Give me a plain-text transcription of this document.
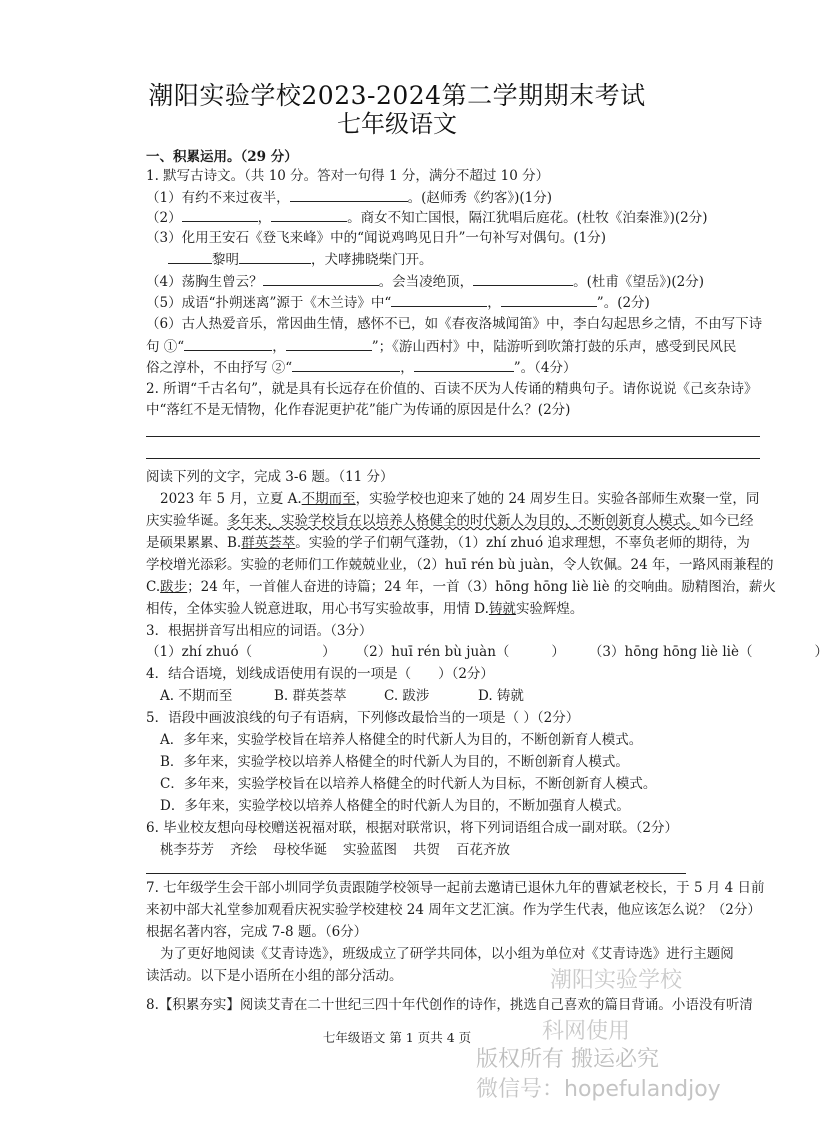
潮阳实验学校2023-2024第二学期期末考试
七年级语文
一、积累运用。（29 分）
1. 默写古诗文。（共 10 分。答对一句得 1 分，满分不超过 10 分）
（1）有约不来过夜半，	。(赵师秀《约客》)(1分)
（2）	，	。商女不知亡国恨，隔江犹唱后庭花。(杜牧《泊秦淮》)(2分)
（3）化用王安石《登飞来峰》中的“闻说鸡鸣见日升”一句补写对偶句。(1分)
黎明	，犬哮拂晓柴门开。
（4）荡胸生曾云？	。会当凌绝顶，	。(杜甫《望岳》)(2分)
（5）成语“扑朔迷离”源于《木兰诗》中“	，	”。(2分)
（6）古人热爱音乐，常因曲生情，感怀不已，如《春夜洛城闻笛》中，李白勾起思乡之情，不由写下诗
句 ①“	，	”；《游山西村》中，陆游听到吹箫打鼓的乐声，感受到民风民
俗之淳朴，不由抒写 ②“	，	”。（4分）
2. 所谓“千古名句”，就是具有长远存在价值的、百读不厌为人传诵的精典句子。请你说说《己亥杂诗》
中“落红不是无情物，化作春泥更护花”能广为传诵的原因是什么？(2分)
阅读下列的文字，完成 3-6 题。（11 分）
2023 年 5 月，立夏 A.不期而至，实验学校也迎来了她的 24 周岁生日。实验各部师生欢聚一堂，同
庆实验华诞。多年来，实验学校旨在以培养人格健全的时代新人为目的，不断创新育人模式。如今已经
是硕果累累、B.群英荟萃。实验的学子们朝气蓬勃，（1）zhí zhuó 追求理想，不辜负老师的期待，为
学校增光添彩。实验的老师们工作兢兢业业，（2）huī rén bù juàn，令人钦佩。24 年，一路风雨兼程的
C.跋步；24 年，一首催人奋进的诗篇；24 年，一首（3）hōng hōng liè liè 的交响曲。励精图治，薪火
相传，全体实验人锐意进取，用心书写实验故事，用情 D.铸就实验辉煌。
3．根据拼音写出相应的词语。（3分）
（1）zhí zhuó（	） （2）huī rén bù juàn（	） （3）hōng hōng liè liè（	）
4．结合语境，划线成语使用有误的一项是（　　）（2分）
A. 不期而至	B. 群英荟萃	C. 跋涉	D. 铸就
5．语段中画波浪线的句子有语病，下列修改最恰当的一项是（ ）（2分）
A．多年来，实验学校旨在培养人格健全的时代新人为目的，不断创新育人模式。
B．多年来，实验学校以培养人格健全的时代新人为目的，不断创新育人模式。
C．多年来，实验学校旨在以培养人格健全的时代新人为目标，不断创新育人模式。
D．多年来，实验学校以培养人格健全的时代新人为目的，不断加强育人模式。
6. 毕业校友想向母校赠送祝福对联，根据对联常识，将下列词语组合成一副对联。（2分）
桃李芬芳 齐绘 母校华诞 实验蓝图 共贺 百花齐放
7. 七年级学生会干部小圳同学负责跟随学校领导一起前去邀请已退休九年的曹斌老校长，于 5 月 4 日前
来初中部大礼堂参加观看庆祝实验学校建校 24 周年文艺汇演。作为学生代表，他应该怎么说？（2分）
根据名著内容，完成 7-8 题。（6分）
为了更好地阅读《艾青诗选》，班级成立了研学共同体，以小组为单位对《艾青诗选》进行主题阅
读活动。以下是小语所在小组的部分活动。
8.【积累夯实】阅读艾青在二十世纪三四十年代创作的诗作，挑选自己喜欢的篇目背诵。小语没有听清
七年级语文 第 1 页共 4 页
潮阳实验学校
科网使用
版权所有 搬运必究
微信号：hopefulandjoy
